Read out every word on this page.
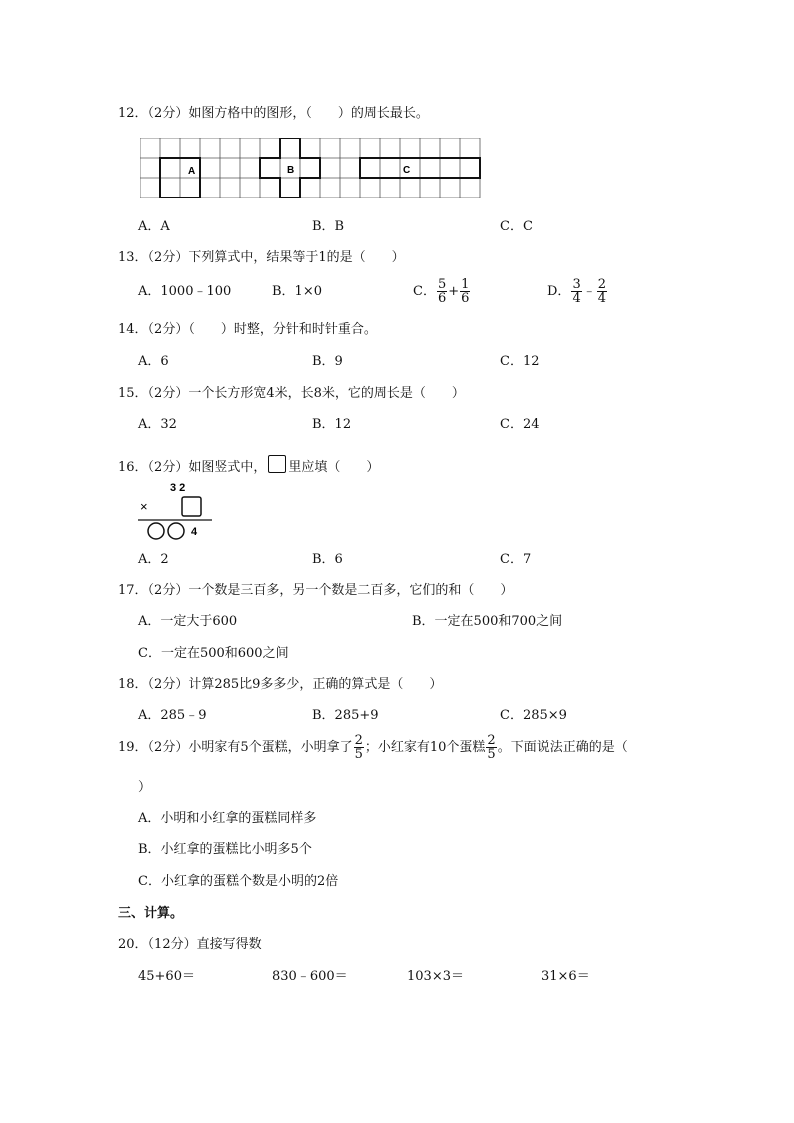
12．（2分）如图方格中的图形，（　　）的周长最长。
A	B	C
A．A	B．B	C．C
13．（2分）下列算式中，结果等于1的是（　　）
A．1000﹣100	B．1×0	C． $\frac{5}{6} + \frac{1}{6}$	D． $\frac{3}{4}$ ﹣ $\frac{2}{4}$
14．（2分）（　　）时整，分针和时针重合。
A．6	B．9	C．12
15．（2分）一个长方形宽4米，长8米，它的周长是（　　）
A．32	B．12	C．24
16．（2分）如图竖式中， 里应填（　　）
3 2
×
4
A．2	B．6	C．7
17．（2分）一个数是三百多，另一个数是二百多，它们的和（　　）
A．一定大于600	B．一定在500和700之间
C．一定在500和600之间
18．（2分）计算285比9多多少，正确的算式是（　　）
A．285﹣9	B．285+9	C．285×9
19．（2分）小明家有5个蛋糕，小明拿了 $\frac{2}{5}$ ；小红家有10个蛋糕 $\frac{2}{5}$ 。下面说法正确的是（
）
A．小明和小红拿的蛋糕同样多
B．小红拿的蛋糕比小明多5个
C．小红拿的蛋糕个数是小明的2倍
三、计算。
20．（12分）直接写得数
45+60＝	830﹣600＝	103×3＝	31×6＝
